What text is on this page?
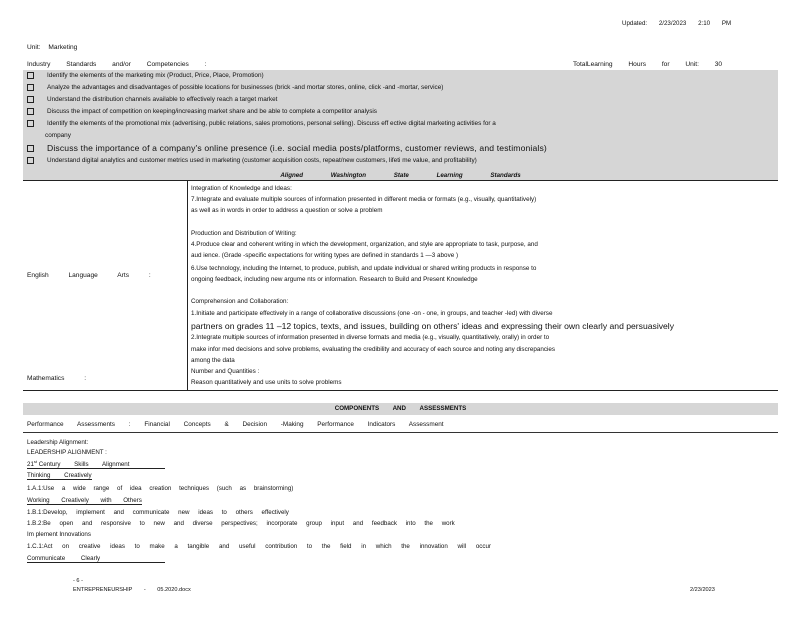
Updated: 2/23/2023 2:10 PM
Unit: Marketing
Industry Standards and/or Competencies :	TotalLearning Hours for Unit: 30
Identify the elements of the marketing mix (Product, Price, Place, Promotion)
Analyze the advantages and disadvantages of possible locations for businesses (brick -and mortar stores, online, click -and -mortar, service)
Understand the distribution channels available to effectively reach a target market
Discuss the impact of competition on keeping/increasing market share and be able to complete a competitor analysis
Identify the elements of the promotional mix (advertising, public relations, sales promotions, personal selling). Discuss eff ective digital marketing activities for a
company
Discuss the importance of a company's online presence (i.e. social media posts/platforms, customer reviews, and testimonials)
Understand digital analytics and customer metrics used in marketing (customer acquisition costs, repeat/new customers, lifeti me value, and profitability)
Aligned Washington State Learning Standards
English Language Arts :
Mathematics :
Integration of Knowledge and Ideas:
7.Integrate and evaluate multiple sources of information presented in different media or formats (e.g., visually, quantitatively)
as well as in words in order to address a question or solve a problem
Production and Distribution of Writing:
4.Produce clear and coherent writing in which the development, organization, and style are appropriate to task, purpose, and
aud ience. (Grade -specific expectations for writing types are defined in standards 1 —3 above )
6.Use technology, including the Internet, to produce, publish, and update individual or shared writing products in response to
ongoing feedback, including new argume nts or information. Research to Build and Present Knowledge
Comprehension and Collaboration:
1.Initiate and participate effectively in a range of collaborative discussions (one -on - one, in groups, and teacher -led) with diverse
partners on grades 11 –12 topics, texts, and issues, building on others' ideas and expressing their own clearly and persuasively
2.Integrate multiple sources of information presented in diverse formats and media (e.g., visually, quantitatively, orally) in order to
make infor med decisions and solve problems, evaluating the credibility and accuracy of each source and noting any discrepancies
among the data
Number and Quantities :
Reason quantitatively and use units to solve problems
COMPONENTS AND ASSESSMENTS
Performance Assessments : Financial Concepts & Decision -Making Performance Indicators Assessment
Leadership Alignment:
LEADERSHIP ALIGNMENT :
21st Century Skills Alignment
Thinking Creatively
1.A.1:Use a wide range of idea creation techniques (such as brainstorming)
Working Creatively with Others
1.B.1:Develop, implement and communicate new ideas to others effectively
1.B.2:Be open and responsive to new and diverse perspectives; incorporate group input and feedback into the work
Im plement Innovations
1.C.1:Act on creative ideas to make a tangible and useful contribution to the field in which the innovation will occur
Communicate Clearly
- 6 -
ENTREPRENEURSHIP - 05.2020.docx	2/23/2023
